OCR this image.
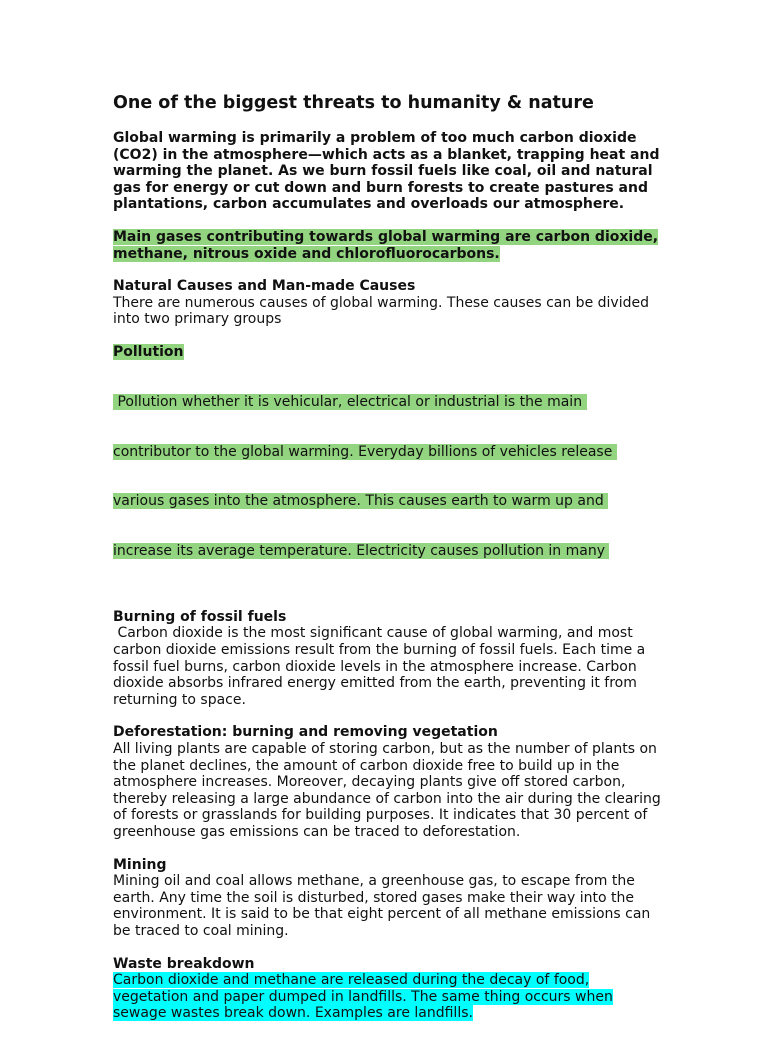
One of the biggest threats to humanity & nature
Global warming is primarily a problem of too much carbon dioxide
(CO2) in the atmosphere—which acts as a blanket, trapping heat and
warming the planet. As we burn fossil fuels like coal, oil and natural
gas for energy or cut down and burn forests to create pastures and
plantations, carbon accumulates and overloads our atmosphere.
Main gases contributing towards global warming are carbon dioxide,
methane, nitrous oxide and chlorofluorocarbons.
Natural Causes and Man-made Causes
There are numerous causes of global warming. These causes can be divided
into two primary groups
Pollution

Pollution whether it is vehicular, electrical or industrial is the main

contributor to the global warming. Everyday billions of vehicles release

various gases into the atmosphere. This causes earth to warm up and

increase its average temperature. Electricity causes pollution in many

Burning of fossil fuels
Carbon dioxide is the most significant cause of global warming, and most
carbon dioxide emissions result from the burning of fossil fuels. Each time a
fossil fuel burns, carbon dioxide levels in the atmosphere increase. Carbon
dioxide absorbs infrared energy emitted from the earth, preventing it from
returning to space.
Deforestation: burning and removing vegetation
All living plants are capable of storing carbon, but as the number of plants on
the planet declines, the amount of carbon dioxide free to build up in the
atmosphere increases. Moreover, decaying plants give off stored carbon,
thereby releasing a large abundance of carbon into the air during the clearing
of forests or grasslands for building purposes. It indicates that 30 percent of
greenhouse gas emissions can be traced to deforestation.
Mining
Mining oil and coal allows methane, a greenhouse gas, to escape from the
earth. Any time the soil is disturbed, stored gases make their way into the
environment. It is said to be that eight percent of all methane emissions can
be traced to coal mining.
Waste breakdown
Carbon dioxide and methane are released during the decay of food,
vegetation and paper dumped in landfills. The same thing occurs when
sewage wastes break down. Examples are landfills.
